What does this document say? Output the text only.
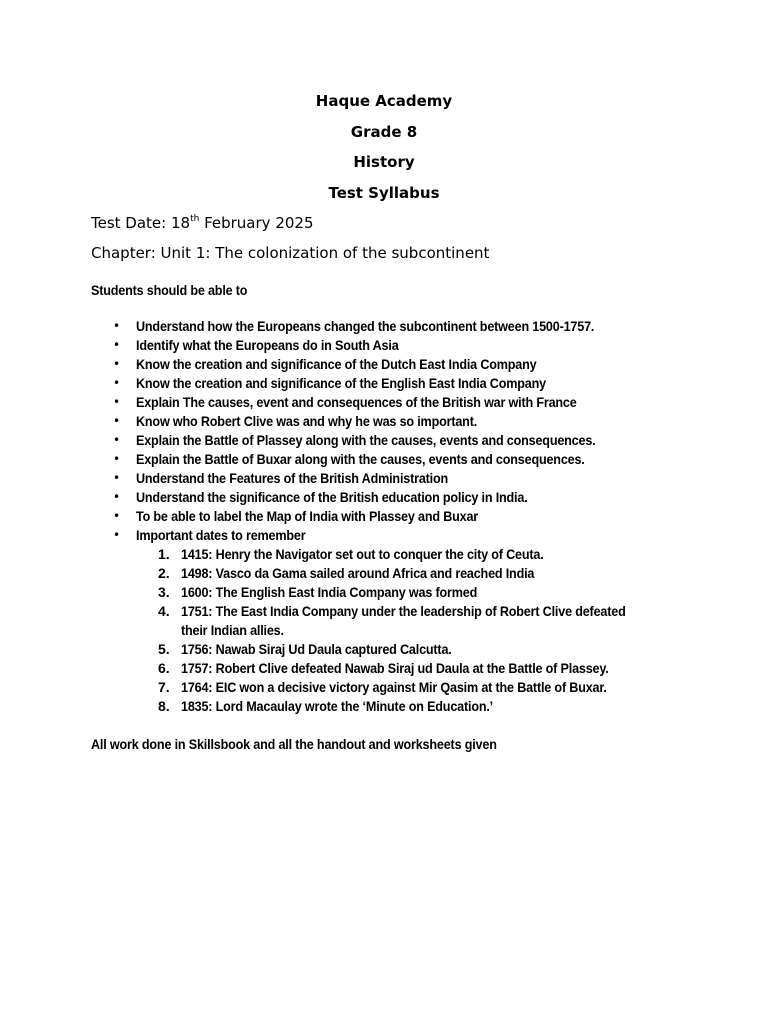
Haque Academy
Grade 8
History
Test Syllabus
Test Date: 18th February 2025
Chapter: Unit 1: The colonization of the subcontinent
Students should be able to
• Understand how the Europeans changed the subcontinent between 1500-1757.
• Identify what the Europeans do in South Asia
• Know the creation and significance of the Dutch East India Company
• Know the creation and significance of the English East India Company
• Explain The causes, event and consequences of the British war with France
• Know who Robert Clive was and why he was so important.
• Explain the Battle of Plassey along with the causes, events and consequences.
• Explain the Battle of Buxar along with the causes, events and consequences.
• Understand the Features of the British Administration
• Understand the significance of the British education policy in India.
• To be able to label the Map of India with Plassey and Buxar
• Important dates to remember
1. 1415: Henry the Navigator set out to conquer the city of Ceuta.
2. 1498: Vasco da Gama sailed around Africa and reached India
3. 1600: The English East India Company was formed
4. 1751: The East India Company under the leadership of Robert Clive defeated
their Indian allies.
5. 1756: Nawab Siraj Ud Daula captured Calcutta.
6. 1757: Robert Clive defeated Nawab Siraj ud Daula at the Battle of Plassey.
7. 1764: EIC won a decisive victory against Mir Qasim at the Battle of Buxar.
8. 1835: Lord Macaulay wrote the ‘Minute on Education.’
All work done in Skillsbook and all the handout and worksheets given
